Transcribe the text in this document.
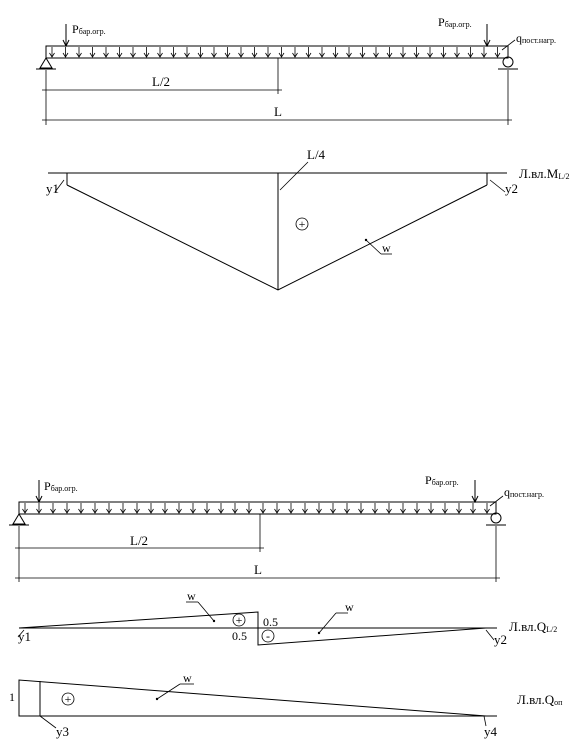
Pбар.огр.
Pбар.огр.
qпост.нагр.
L/2
L
L/4
y1	y2
+
w
Л.вл.МL/2
Pбар.огр.
Pбар.огр.
qпост.нагр.
L/2
L
y1	y2
0.5
0.5
+
-
w
w
Л.вл.QL/2
1	+
w
y3	y4
Л.вл.Qоп
